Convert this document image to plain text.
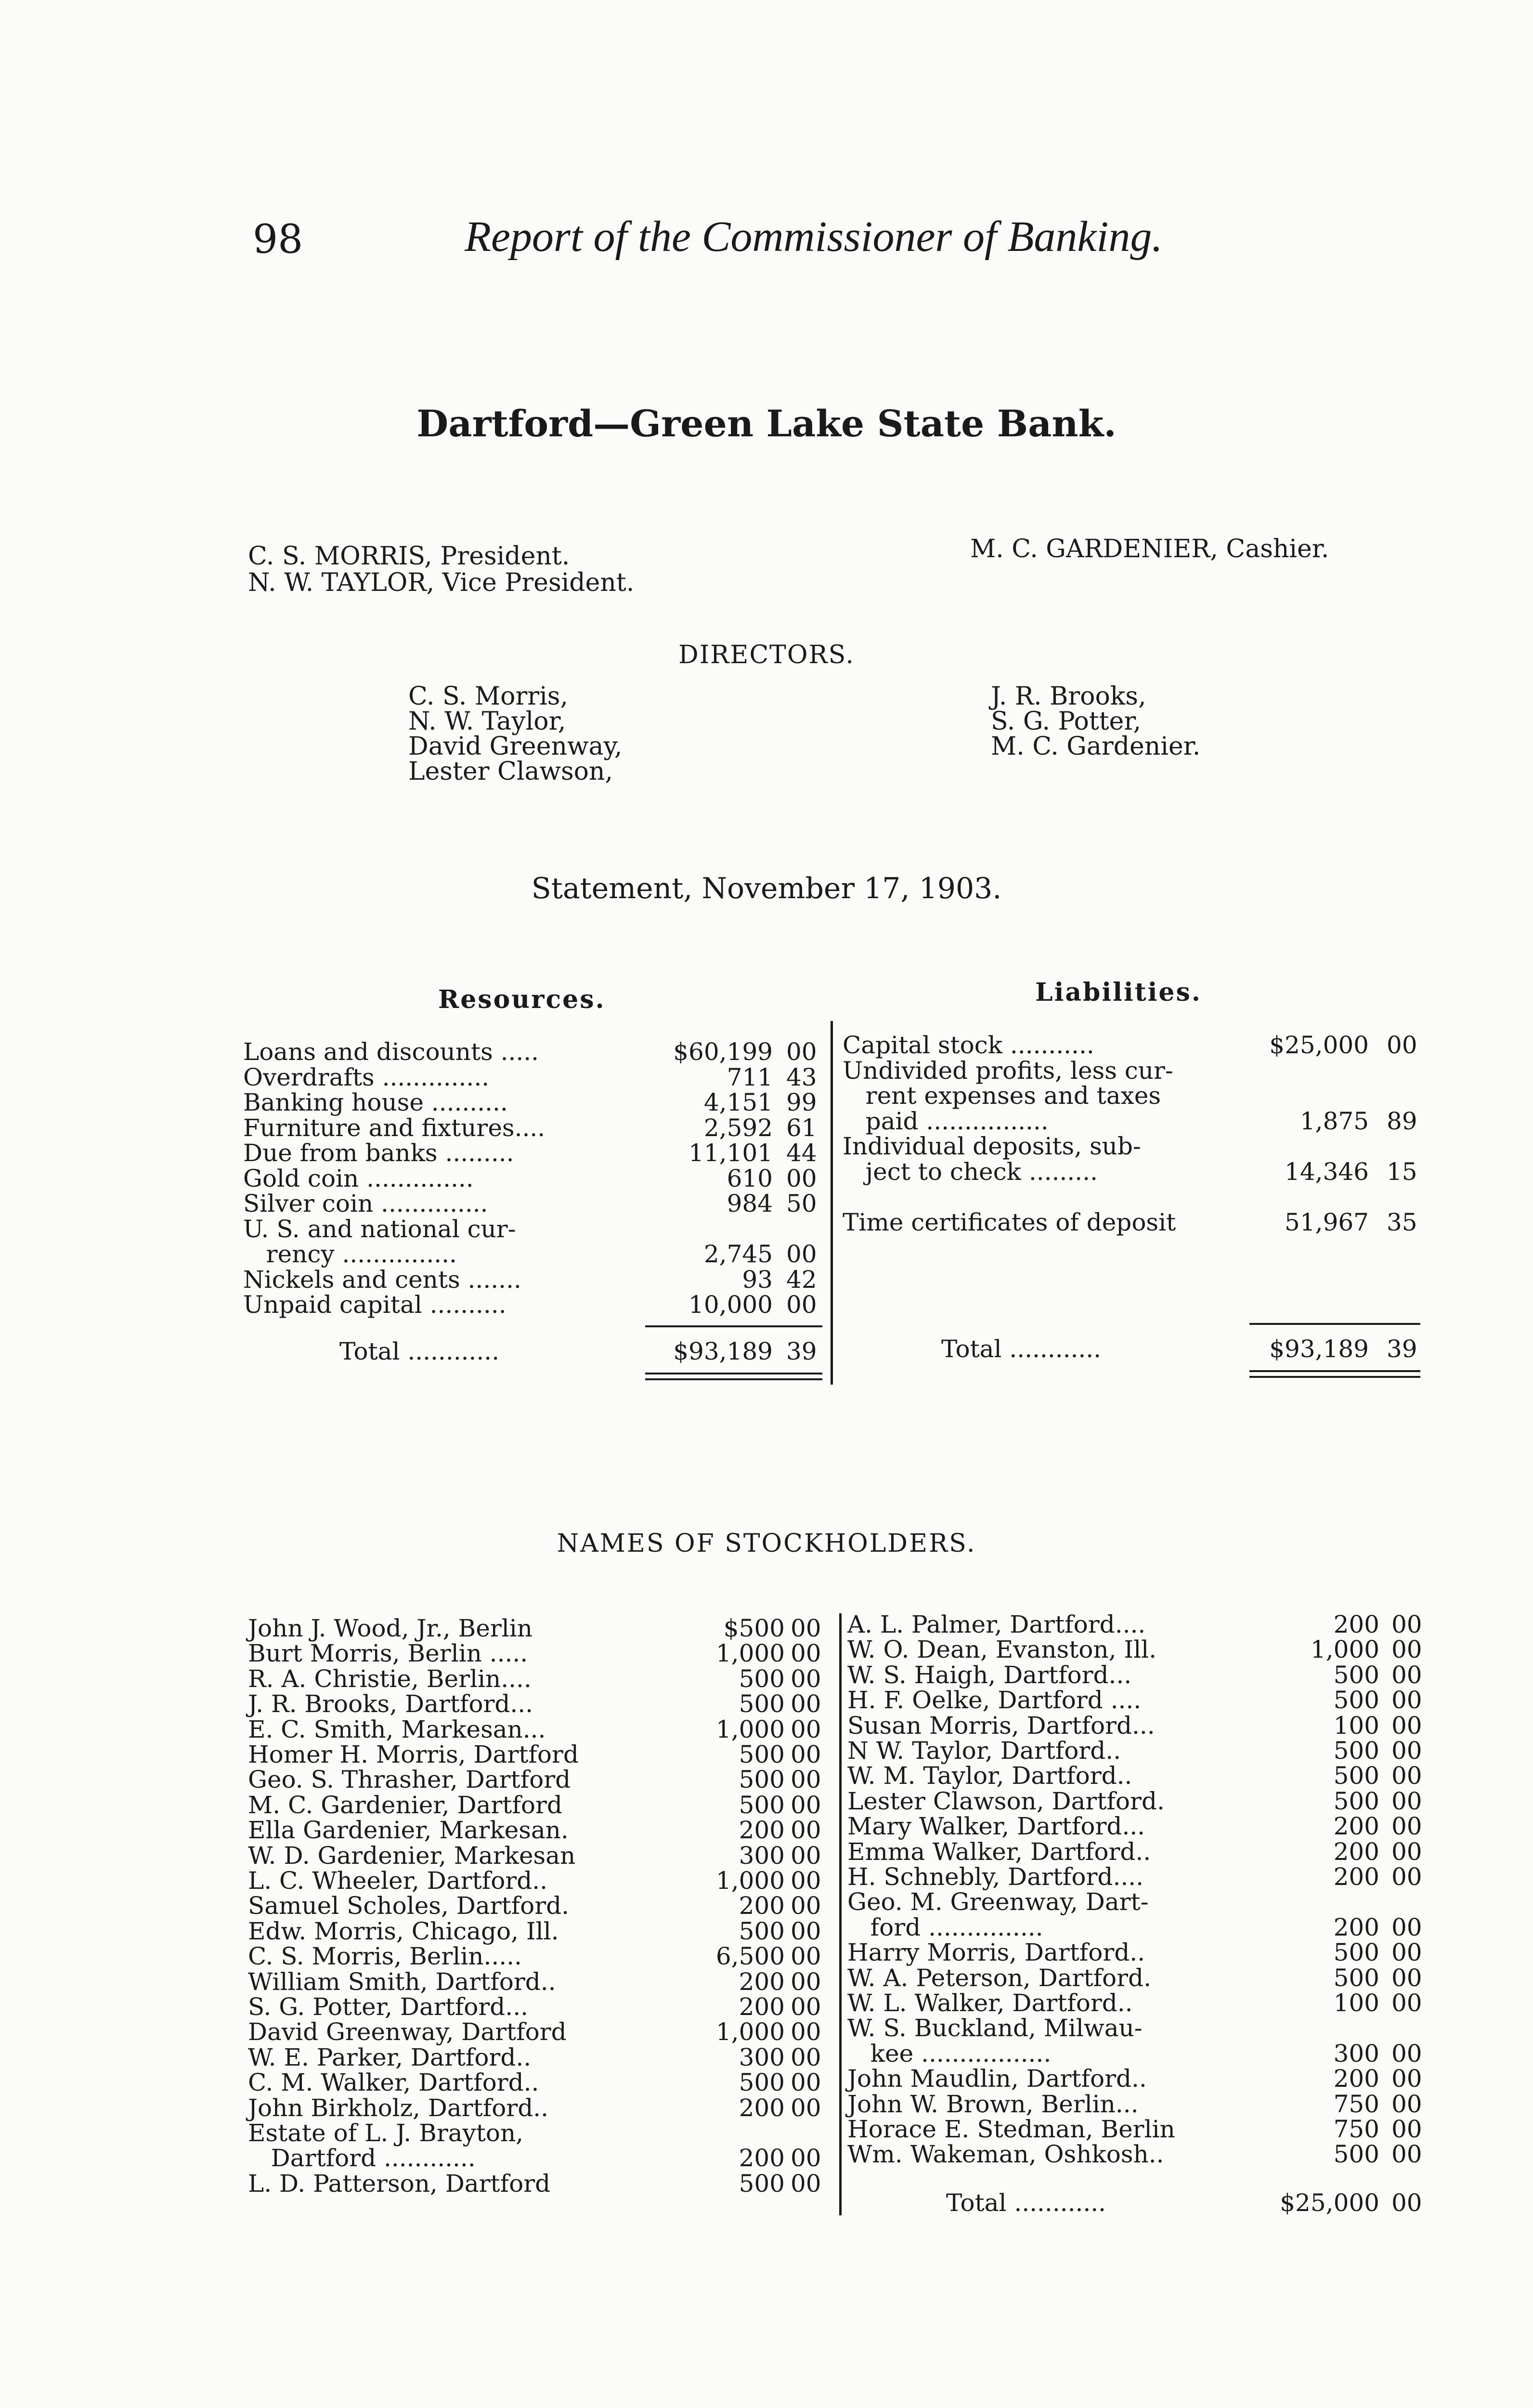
98	Report of the Commissioner of Banking.
Dartford—Green Lake State Bank.
C. S. MORRIS, President.
N. W. TAYLOR, Vice President.
M. C. GARDENIER, Cashier.
DIRECTORS.
C. S. Morris,
N. W. Taylor,
David Greenway,
Lester Clawson,
J. R. Brooks,
S. G. Potter,
M. C. Gardenier.
Statement, November 17, 1903.
Resources.	Liabilities.
Loans and discounts .....	$60,199 00
Overdrafts ..............	711 43
Banking house ..........	4,151 99
Furniture and fixtures....	2,592 61
Due from banks .........	11,101 44
Gold coin ..............	610 00
Silver coin ..............	984 50
U. S. and national cur-
rency ...............	2,745 00
Nickels and cents .......	93 42
Unpaid capital ..........	10,000 00
Capital stock ...........	$25,000 00
Undivided profits, less cur-
rent expenses and taxes
paid ................	1,875 89
Individual deposits, sub-
ject to check .........	14,346 15
Time certificates of deposit	51,967 35
Total ............	$93,189 39	Total ............	$93,189 39
NAMES OF STOCKHOLDERS.
John J. Wood, Jr., Berlin	$500 00
Burt Morris, Berlin .....	1,000 00
R. A. Christie, Berlin....	500 00
J. R. Brooks, Dartford...	500 00
E. C. Smith, Markesan...	1,000 00
Homer H. Morris, Dartford	500 00
Geo. S. Thrasher, Dartford	500 00
M. C. Gardenier, Dartford	500 00
Ella Gardenier, Markesan.	200 00
W. D. Gardenier, Markesan	300 00
L. C. Wheeler, Dartford..	1,000 00
Samuel Scholes, Dartford.	200 00
Edw. Morris, Chicago, Ill.	500 00
C. S. Morris, Berlin.....	6,500 00
William Smith, Dartford..	200 00
S. G. Potter, Dartford...	200 00
David Greenway, Dartford	1,000 00
W. E. Parker, Dartford..	300 00
C. M. Walker, Dartford..	500 00
John Birkholz, Dartford..	200 00
Estate of L. J. Brayton,
Dartford ............	200 00
L. D. Patterson, Dartford	500 00
A. L. Palmer, Dartford....	200 00
W. O. Dean, Evanston, Ill.	1,000 00
W. S. Haigh, Dartford...	500 00
H. F. Oelke, Dartford ....	500 00
Susan Morris, Dartford...	100 00
N W. Taylor, Dartford..	500 00
W. M. Taylor, Dartford..	500 00
Lester Clawson, Dartford.	500 00
Mary Walker, Dartford...	200 00
Emma Walker, Dartford..	200 00
H. Schnebly, Dartford....	200 00
Geo. M. Greenway, Dart-
ford ...............	200 00
Harry Morris, Dartford..	500 00
W. A. Peterson, Dartford.	500 00
W. L. Walker, Dartford..	100 00
W. S. Buckland, Milwau-
kee .................	300 00
John Maudlin, Dartford..	200 00
John W. Brown, Berlin...	750 00
Horace E. Stedman, Berlin	750 00
Wm. Wakeman, Oshkosh..	500 00
Total ............	$25,000 00
